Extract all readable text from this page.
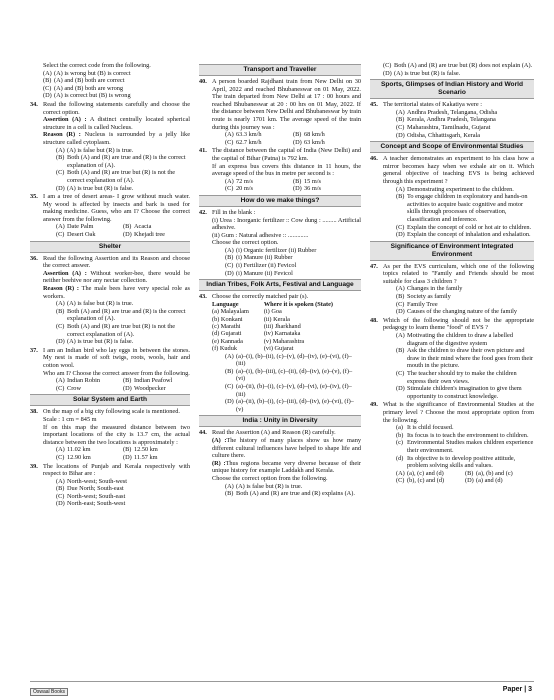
Select the correct code from the following.
(A) (A) is wrong but (B) is correct
(B) (A) and (B) both are correct
(C) (A) and (B) both are wrong
(D) (A) is correct but (B) is wrong
34. Read the following statements carefully and choose the correct option.
Assertion (A) : A distinct centrally located spherical structure in a cell is called Nucleus.
Reason (R) : Nucleus is surrounded by a jelly like structure called cytoplasm.
(A) (A) is false but (R) is true.
(B) Both (A) and (R) are true and (R) is the correct explanation of (A).
(C) Both (A) and (R) are true but (R) is not the correct explanation of (A).
(D) (A) is true but (R) is false.
35. I am a tree of desert areas- I grow without much water. My wood is affected by insects and bark is used for making medicine. Guess, who am I? Choose the correct answer from the following.
(A) Date Palm	(B) Acacia
(C) Desert Oak	(D) Khejadi tree
Shelter
36. Read the following Assertion and its Reason and choose the correct answer.
Assertion (A) : Without worker-bee, there would be neither beehive nor any nectar collection.
Reason (R) : The male bees have very special role as workers.
(A) (A) is false but (R) is true.
(B) Both (A) and (R) are true and (R) is the correct explanation of (A).
(C) Both (A) and (R) are true but (R) is not the correct explanation of (A).
(D) (A) is true but (R) is false.
37. I am an Indian bird who lay eggs in between the stones. My nest is made of soft twigs, roots, wools, hair and cotton wool.
Who am I? Choose the correct answer from the following.
(A) Indian Robin	(B) Indian Peafowl
(C) Crow	(D) Woodpecker
Solar System and Earth
38. On the map of a big city following scale is mentioned.
Scale : 1 cm = 845 m
If on this map the measured distance between two important locations of the city is 13.7 cm, the actual distance between the two locations is approximately :
(A) 11.02 km	(B) 12.50 km
(C) 12.90 km	(D) 11.57 km
39. The locations of Punjab and Kerala respectively with respect to Bihar are :
(A) North-west; South-west
(B) Due North; South-east
(C) North-west; South-east
(D) North-east; South-west
Transport and Traveller
40. A person boarded Rajdhani train from New Delhi on 30 April, 2022 and reached Bhubaneswar on 01 May, 2022. The train departed from New Delhi at 17 : 00 hours and reached Bhubaneswar at 20 : 00 hrs on 01 May, 2022. If the distance between New Delhi and Bhubaneswar by train route is nearly 1701 km. The average speed of the train during this journey was :
(A) 63.3 km/h	(B) 68 km/h
(C) 62.7 km/h	(D) 63 km/h
41. The distance between the capital of India (New Delhi) and the capital of Bihar (Patna) is 792 km.
If an express bus covers this distance in 11 hours, the average speed of the bus in metre per second is :
(A) 72 m/s	(B) 15 m/s
(C) 20 m/s	(D) 36 m/s
How do we make things?
42. Fill in the blank :
(i) Urea : Inorganic fertilizer :: Cow dung : ......... Artificial adhesive.
(ii) Gum : Natural adhesive :: .............
Choose the correct option.
(A) (i) Organic fertilizer (ii) Rubber
(B) (i) Manure (ii) Rubber
(C) (i) Fertilizer (ii) Fevicol
(D) (i) Manure (ii) Fevicol
Indian Tribes, Folk Arts, Festival and Language
43. Choose the correctly matched pair (s).
Language	Where it is spoken (State)
(a) Malayalam	(i) Goa
(b) Konkani	(ii) Kerala
(c) Marathi	(iii) Jharkhand
(d) Gujarati	(iv) Karnataka
(e) Kannada	(v) Maharashtra
(f) Kuduk	(vi) Gujarat
(A) (a)–(i), (b)–(ii), (c)–(v), (d)–(iv), (e)–(vi), (f)–(iii)
(B) (a)–(i), (b)–(iii), (c)–(ii), (d)–(iv), (e)–(v), (f)–(vi)
(C) (a)–(ii), (b)–(i), (c)–(v), (d)–(vi), (e)–(iv), (f)–(iii)
(D) (a)–(ii), (b)–(i), (c)–(iii), (d)–(iv), (e)–(vi), (f)–(v)
India : Unity in Diversity
44. Read the Assertion (A) and Reason (R) carefully.
(A) :The history of many places show us how many different cultural influences have helped to shape life and culture there.
(R) :Thus regions became very diverse because of their unique history for example Laddakh and Kerala.
Choose the correct option from the following.
(A) (A) is false but (R) is true.
(B) Both (A) and (R) are true and (R) explains (A).
(C) Both (A) and (R) are true but (R) does not explain (A).
(D) (A) is true but (R) is false.
Sports, Glimpses of Indian History and World Scenario
45. The territorial states of Kakatiya were :
(A) Andhra Pradesh, Telangana, Odisha
(B) Kerala, Andhra Pradesh, Telangana
(C) Maharashtra, Tamilnadu, Gujarat
(D) Odisha, Chhattisgarh, Kerala
Concept and Scope of Environmental Studies
46. A teacher demonstrates an experiment to his class how a mirror becomes hazy when we exhale air on it. Which general objective of teaching EVS is being achieved through this experiment ?
(A) Demonstrating experiment to the children.
(B) To engage children in exploratory and hands-on activities to acquire basic cognitive and motor skills through processes of observation, classification and inference.
(C) Explain the concept of cold or hot air to children.
(D) Explain the concept of inhalation and exhalation.
Significance of Environment Integrated Environment
47. As per the EVS curriculum, which one of the following topics related to "Family and Friends should be most suitable for class 3 children ?
(A) Changes in the family
(B) Society as family
(C) Family Tree
(D) Causes of the changing nature of the family
48. Which of the following should not be the appropriate pedagogy to learn theme "food" of EVS ?
(A) Motivating the children to draw a labelled diagram of the digestive system
(B) Ask the children to draw their own picture and draw in their mind where the food goes from their mouth in the picture.
(C) The teacher should try to make the children express their own views.
(D) Stimulate children's imagination to give them opportunity to construct knowledge.
49. What is the significance of Environmental Studies at the primary level ? Choose the most appropriate option from the following.
(a) It is child focused.
(b) Its focus is to teach the environment to children.
(c) Environmental Studies makes children experience their environment.
(d) Its objective is to develop positive attitude, problem solving skills and values.
(A) (a), (c) and (d)	(B) (a), (b) and (c)
(C) (b), (c) and (d)	(D) (a) and (d)
Oswaal Books	Paper | 3
